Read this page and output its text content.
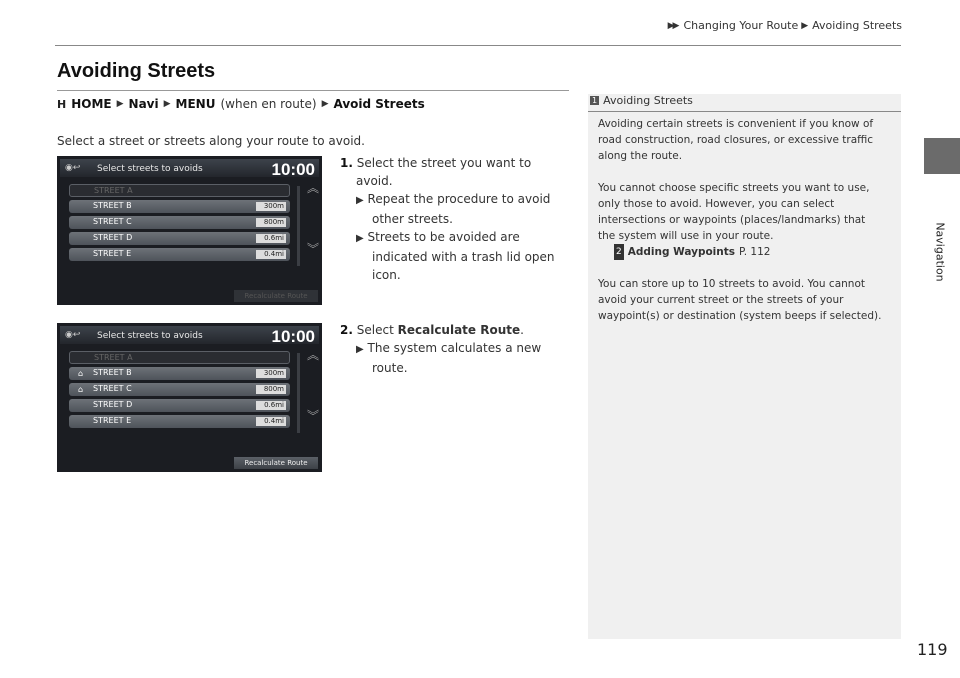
▶▶ Changing Your Route ▶ Avoiding Streets
Navigation
Avoiding Streets
H HOME ▶ Navi ▶ MENU (when en route) ▶ Avoid Streets
Select a street or streets along your route to avoid.
◉↩ Select streets to avoids	10:00
STREET A
STREET B	300m
STREET C	800m
STREET D	0.6mi
STREET E	0.4mi
︽
︾
Recalculate Route
◉↩ Select streets to avoids	10:00
STREET A
⌂ STREET B	300m
⌂ STREET C	800m
STREET D	0.6mi
STREET E	0.4mi
︽
︾
Recalculate Route
1. Select the street you want to
avoid.
▶ Repeat the procedure to avoid
other streets.
▶ Streets to be avoided are
indicated with a trash lid open
icon.
2. Select Recalculate Route.
▶ The system calculates a new
route.
1 Avoiding Streets
Avoiding certain streets is convenient if you know of
road construction, road closures, or excessive traffic
along the route.
You cannot choose specific streets you want to use,
only those to avoid. However, you can select
intersections or waypoints (places/landmarks) that
the system will use in your route.
2 Adding Waypoints P. 112
You can store up to 10 streets to avoid. You cannot
avoid your current street or the streets of your
waypoint(s) or destination (system beeps if selected).
119
